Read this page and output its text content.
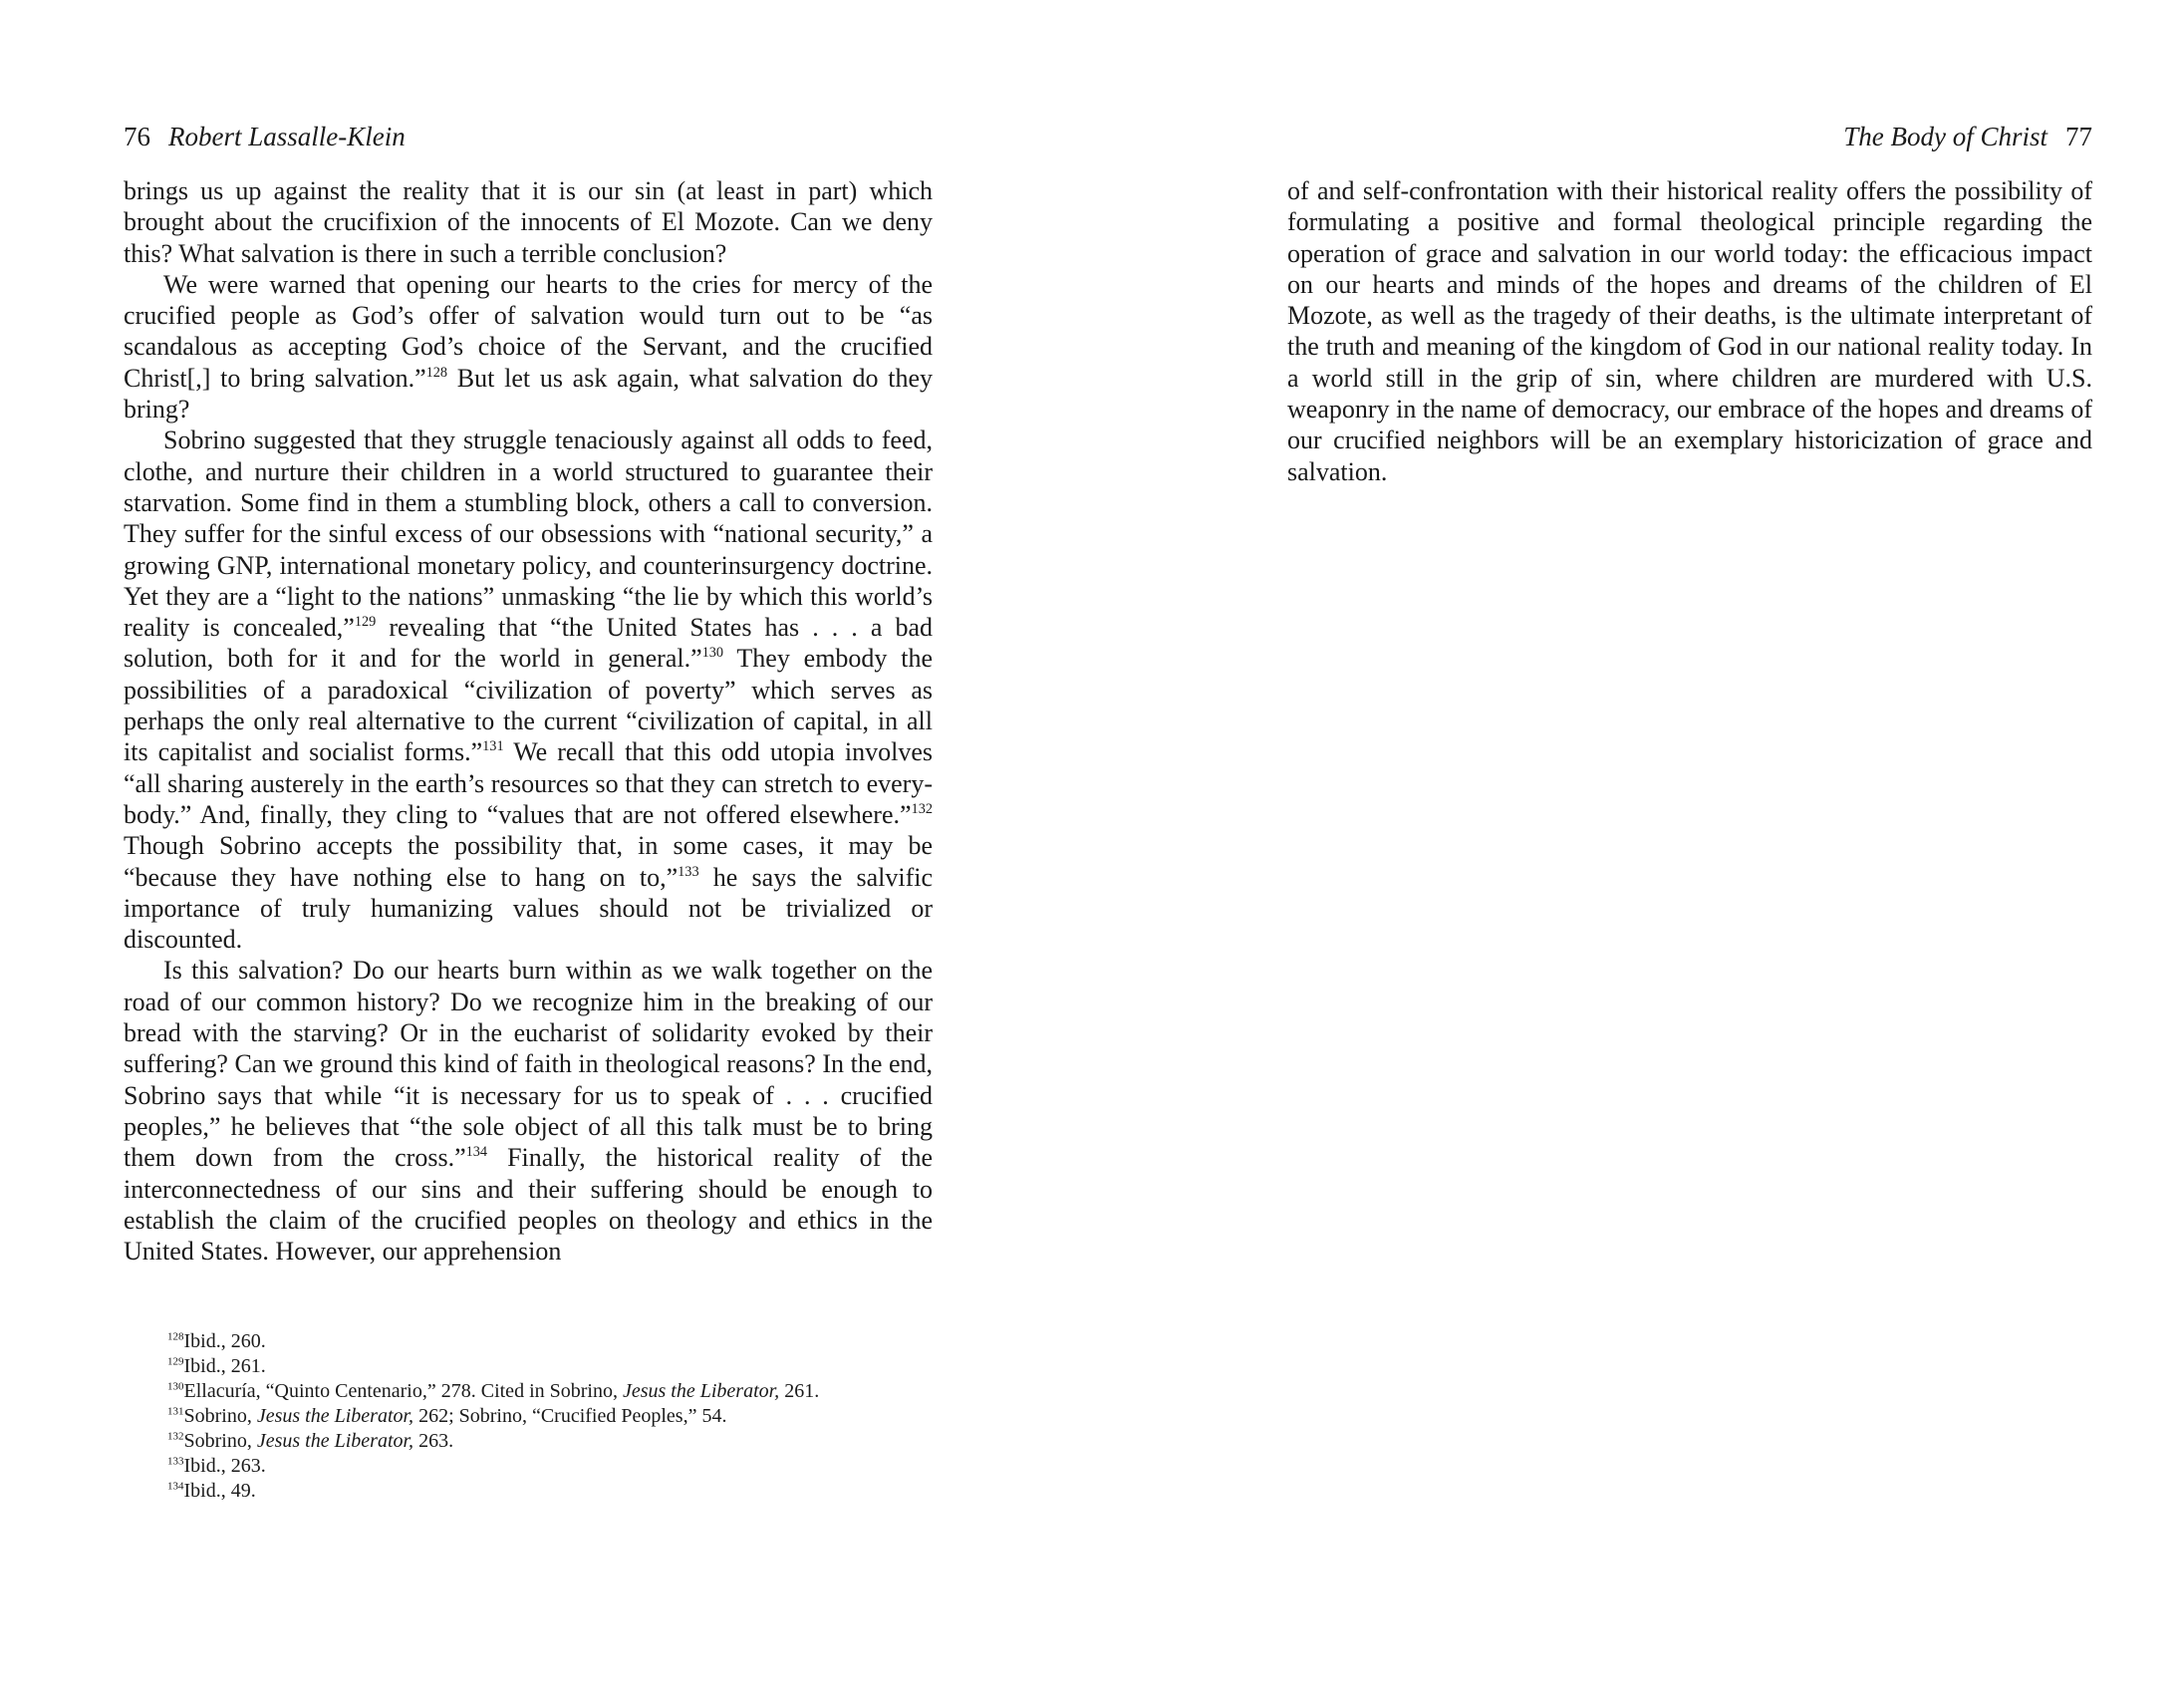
76 Robert Lassalle-Klein

brings us up against the reality that it is our sin (at least in part) which brought about the crucifixion of the innocents of El Mozote. Can we deny this? What salvation is there in such a terrible conclusion?

We were warned that opening our hearts to the cries for mercy of the crucified people as God’s offer of salvation would turn out to be “as scandalous as accepting God’s choice of the Servant, and the crucified Christ[,] to bring salvation.”$^{128}$ But let us ask again, what salvation do they bring?

Sobrino suggested that they struggle tenaciously against all odds to feed, clothe, and nurture their children in a world structured to guarantee their starvation. Some find in them a stumbling block, others a call to conversion. They suffer for the sinful excess of our obsessions with “national security,” a growing GNP, international monetary policy, and counterinsurgency doctrine. Yet they are a “light to the nations” unmasking “the lie by which this world’s reality is concealed,”$^{129}$ revealing that “the United States has . . . a bad solution, both for it and for the world in general.”$^{130}$ They embody the possibilities of a paradoxical “civilization of poverty” which serves as perhaps the only real alternative to the current “civilization of capital, in all its capitalist and socialist forms.”$^{131}$ We recall that this odd utopia involves “all sharing austerely in the earth’s resources so that they can stretch to everybody.” And, finally, they cling to “values that are not offered elsewhere.”$^{132}$ Though Sobrino accepts the possibility that, in some cases, it may be “because they have nothing else to hang on to,”$^{133}$ he says the salvific importance of truly humanizing values should not be trivialized or discounted.

Is this salvation? Do our hearts burn within as we walk together on the road of our common history? Do we recognize him in the breaking of our bread with the starving? Or in the eucharist of solidarity evoked by their suffering? Can we ground this kind of faith in theological reasons? In the end, Sobrino says that while “it is necessary for us to speak of . . . crucified peoples,” he believes that “the sole object of all this talk must be to bring them down from the cross.”$^{134}$ Finally, the historical reality of the interconnectedness of our sins and their suffering should be enough to establish the claim of the crucified peoples on theology and ethics in the United States. However, our apprehension

$^{128}$Ibid., 260.
$^{129}$Ibid., 261.
$^{130}$Ellacuría, “Quinto Centenario,” 278. Cited in Sobrino, Jesus the Liberator, 261.
$^{131}$Sobrino, Jesus the Liberator, 262; Sobrino, “Crucified Peoples,” 54.
$^{132}$Sobrino, Jesus the Liberator, 263.
$^{133}$Ibid., 263.
$^{134}$Ibid., 49.
The Body of Christ 77

of and self-confrontation with their historical reality offers the possibility of formulating a positive and formal theological principle regarding the operation of grace and salvation in our world today: the efficacious impact on our hearts and minds of the hopes and dreams of the children of El Mozote, as well as the tragedy of their deaths, is the ultimate interpretant of the truth and meaning of the kingdom of God in our national reality today. In a world still in the grip of sin, where children are murdered with U.S. weaponry in the name of democracy, our embrace of the hopes and dreams of our crucified neighbors will be an exemplary historicization of grace and salvation.
